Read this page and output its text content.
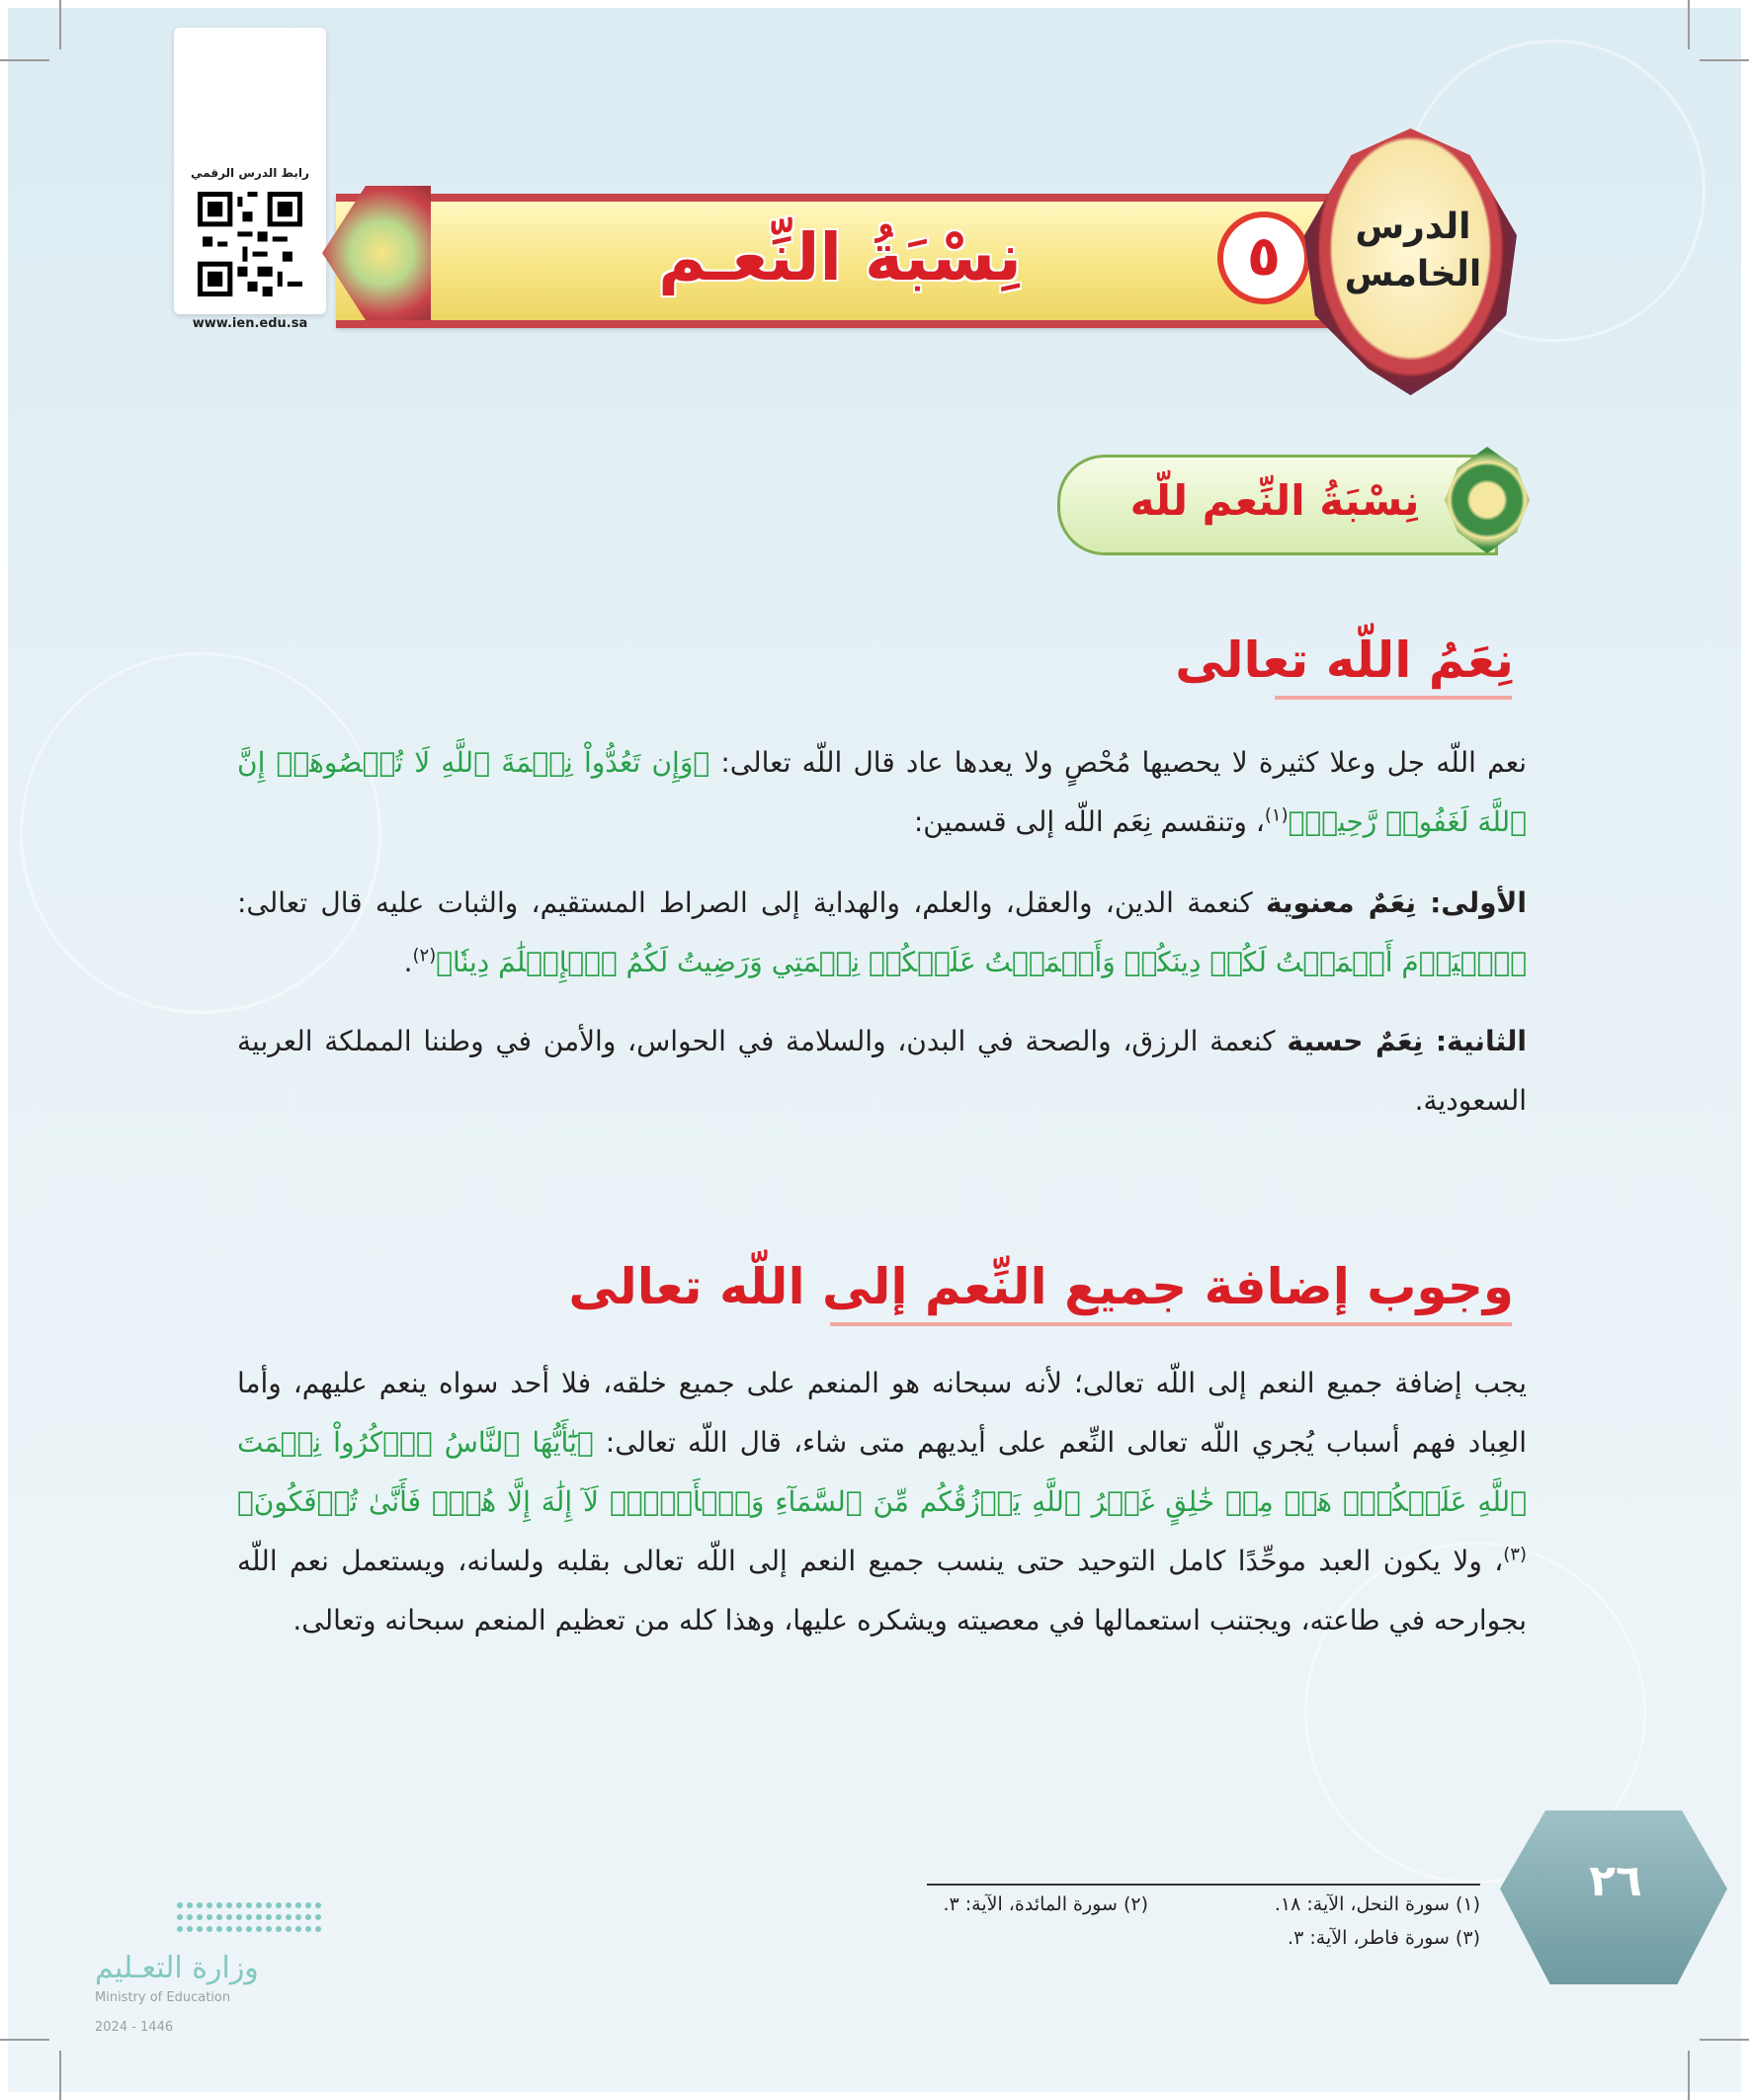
رابط الدرس الرقمي
www.ien.edu.sa
نِسْبَةُ النِّعـم	٥	الدرس
الخامس
نِسْبَةُ النِّعم للّه
نِعَمُ اللّه تعالى
نعم اللّه جل وعلا كثيرة لا يحصيها مُحْصٍ ولا يعدها عاد قال اللّه تعالى: ﴿وَإِن تَعُدُّواْ نِعۡمَةَ ٱللَّهِ لَا تُحۡصُوهَآۗ إِنَّ ٱللَّهَ لَغَفُورٞ رَّحِيمٞ﴾$^{(١)}$، وتنقسم نِعَم اللّه إلى قسمين:
الأولى: نِعَمٌ معنوية كنعمة الدين، والعقل، والعلم، والهداية إلى الصراط المستقيم، والثبات عليه قال تعالى: ﴿ٱلۡيَوۡمَ أَكۡمَلۡتُ لَكُمۡ دِينَكُمۡ وَأَتۡمَمۡتُ عَلَيۡكُمۡ نِعۡمَتِي وَرَضِيتُ لَكُمُ ٱلۡإِسۡلَٰمَ دِينٗا﴾$^{(٢)}$.
الثانية: نِعَمٌ حسية كنعمة الرزق، والصحة في البدن، والسلامة في الحواس، والأمن في وطننا المملكة العربية السعودية.
وجوب إضافة جميع النِّعم إلى اللّه تعالى
يجب إضافة جميع النعم إلى اللّه تعالى؛ لأنه سبحانه هو المنعم على جميع خلقه، فلا أحد سواه ينعم عليهم، وأما العِباد فهم أسباب يُجري اللّه تعالى النِّعم على أيديهم متى شاء، قال اللّه تعالى: ﴿يَٰٓأَيُّهَا ٱلنَّاسُ ٱذۡكُرُواْ نِعۡمَتَ ٱللَّهِ عَلَيۡكُمۡۚ هَلۡ مِنۡ خَٰلِقٍ غَيۡرُ ٱللَّهِ يَرۡزُقُكُم مِّنَ ٱلسَّمَآءِ وَٱلۡأَرۡضِۚ لَآ إِلَٰهَ إِلَّا هُوَۖ فَأَنَّىٰ تُؤۡفَكُونَ﴾$^{(٣)}$، ولا يكون العبد موحِّدًا كامل التوحيد حتى ينسب جميع النعم إلى اللّه تعالى بقلبه ولسانه، ويستعمل نعم اللّه بجوارحه في طاعته، ويجتنب استعمالها في معصيته ويشكره عليها، وهذا كله من تعظيم المنعم سبحانه وتعالى.
(١) سورة النحل، الآية: ١٨.
(٢) سورة المائدة، الآية: ٣.
(٣) سورة فاطر، الآية: ٣.
٢٦
وزارة التعـليم
Ministry of Education
2024 - 1446
